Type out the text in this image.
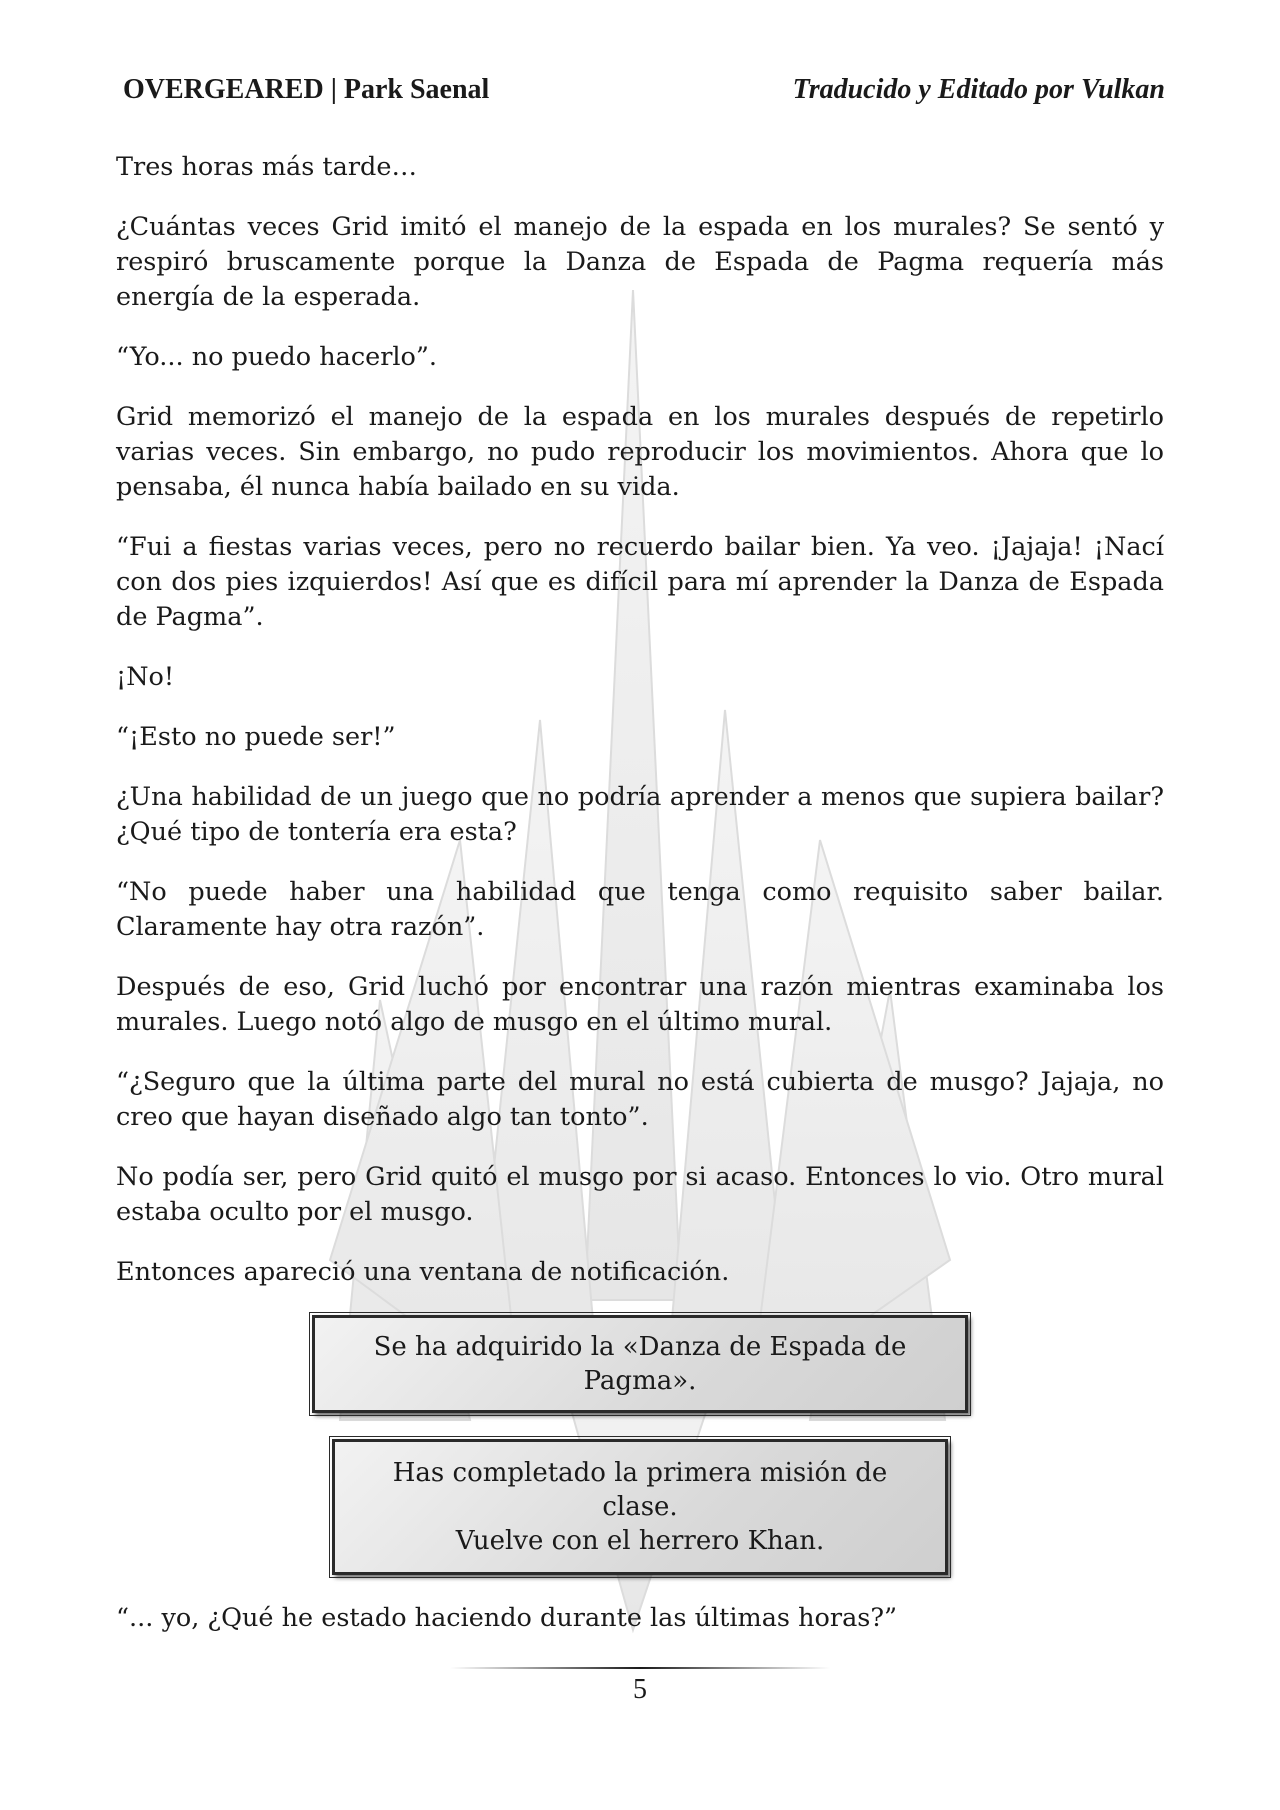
OVERGEARED | Park Saenal	Traducido y Editado por Vulkan

Tres horas más tarde…

¿Cuántas veces Grid imitó el manejo de la espada en los murales? Se sentó y respiró bruscamente porque la Danza de Espada de Pagma requería más energía de la esperada.

“Yo... no puedo hacerlo”.

Grid memorizó el manejo de la espada en los murales después de repetirlo varias veces. Sin embargo, no pudo reproducir los movimientos. Ahora que lo pensaba, él nunca había bailado en su vida.

“Fui a fiestas varias veces, pero no recuerdo bailar bien. Ya veo. ¡Jajaja! ¡Nací con dos pies izquierdos! Así que es difícil para mí aprender la Danza de Espada de Pagma”.

¡No!

“¡Esto no puede ser!”

¿Una habilidad de un juego que no podría aprender a menos que supiera bailar? ¿Qué tipo de tontería era esta?

“No puede haber una habilidad que tenga como requisito saber bailar. Claramente hay otra razón”.

Después de eso, Grid luchó por encontrar una razón mientras examinaba los murales. Luego notó algo de musgo en el último mural.

“¿Seguro que la última parte del mural no está cubierta de musgo? Jajaja, no creo que hayan diseñado algo tan tonto”.

No podía ser, pero Grid quitó el musgo por si acaso. Entonces lo vio. Otro mural estaba oculto por el musgo.

Entonces apareció una ventana de notificación.

Se ha adquirido la «Danza de Espada de Pagma».
Has completado la primera misión de clase.
Vuelve con el herrero Khan.

“... yo, ¿Qué he estado haciendo durante las últimas horas?”

5
